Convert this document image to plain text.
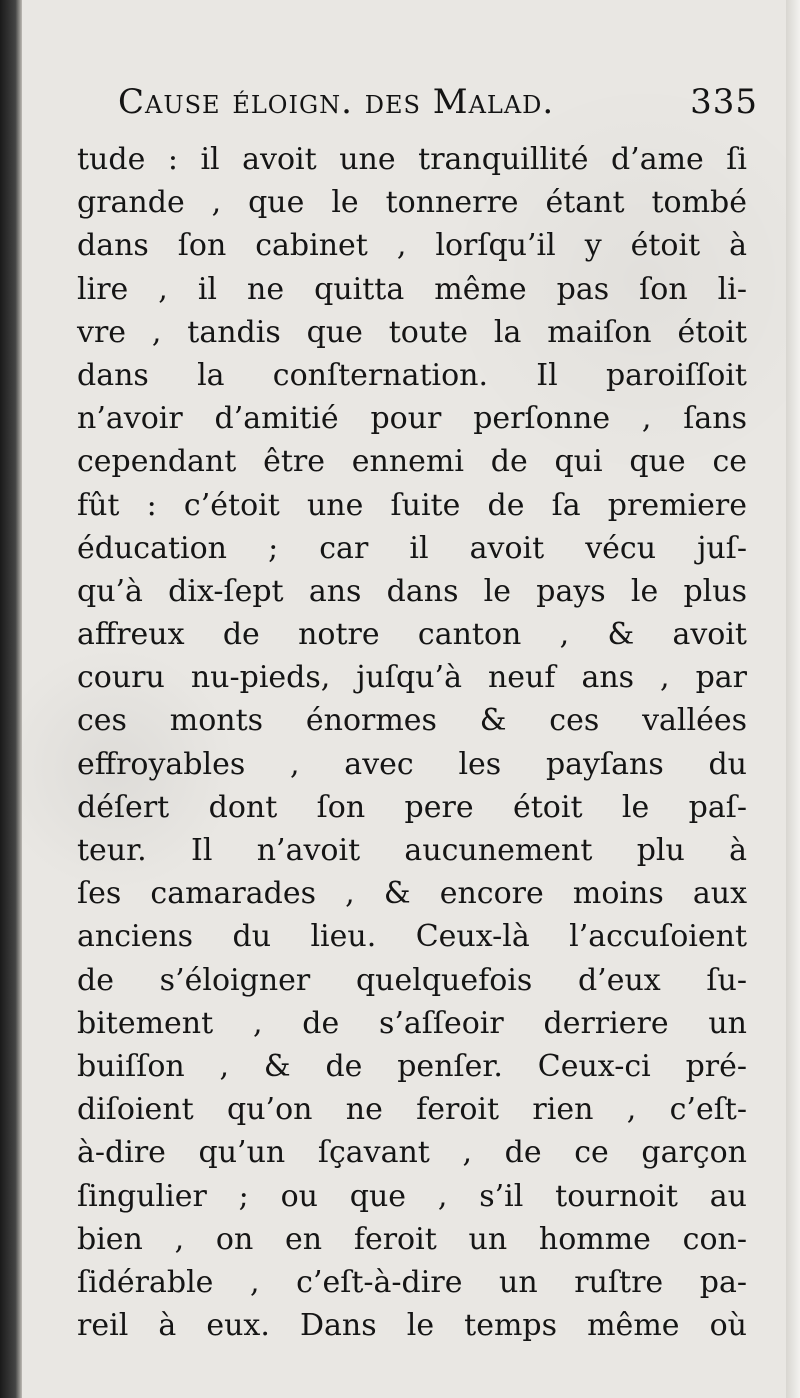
Cause éloign. des Malad.	335
tude : il avoit une tranquillité d’ame ſi
grande , que le tonnerre étant tombé
dans ſon cabinet , lorſqu’il y étoit à
lire , il ne quitta même pas ſon li-
vre , tandis que toute la maiſon étoit
dans la conſternation. Il paroiſſoit
n’avoir d’amitié pour perſonne , ſans
cependant être ennemi de qui que ce
fût : c’étoit une ſuite de ſa premiere
éducation ; car il avoit vécu juſ-
qu’à dix-ſept ans dans le pays le plus
affreux de notre canton , & avoit
couru nu-pieds, juſqu’à neuf ans , par
ces monts énormes & ces vallées
effroyables , avec les payſans du
déſert dont ſon pere étoit le paſ-
teur. Il n’avoit aucunement plu à
ſes camarades , & encore moins aux
anciens du lieu. Ceux-là l’accuſoient
de s’éloigner quelquefois d’eux ſu-
bitement , de s’aſſeoir derriere un
buiſſon , & de penſer. Ceux-ci pré-
diſoient qu’on ne feroit rien , c’eſt-
à-dire qu’un ſçavant , de ce garçon
ſingulier ; ou que , s’il tournoit au
bien , on en feroit un homme con-
ſidérable , c’eſt-à-dire un ruſtre pa-
reil à eux. Dans le temps même où
